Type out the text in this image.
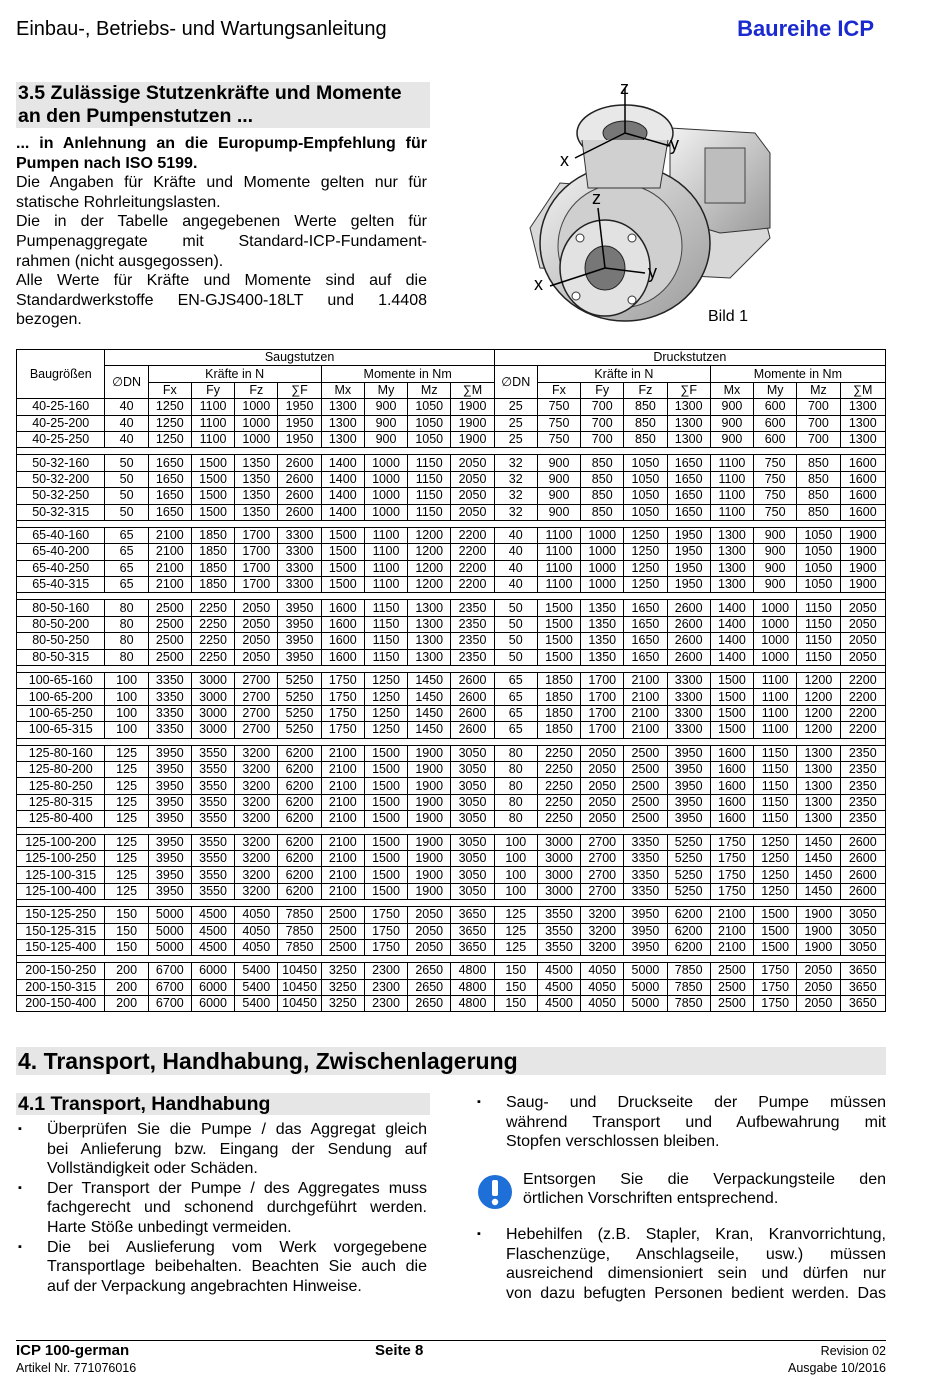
Einbau-, Betriebs- und Wartungsanleitung	Baureihe ICP
3.5 Zulässige Stutzenkräfte und Momente
an den Pumpenstutzen ...

... in Anlehnung an die Europump-Empfehlung für

Pumpen nach ISO 5199.

Die Angaben für Kräfte und Momente gelten nur für

statische Rohrleitungslasten.

Die in der Tabelle angegebenen Werte gelten für

Pumpenaggregate mit Standard-ICP-Fundament-

rahmen (nicht ausgegossen).

Alle Werte für Kräfte und Momente sind auf die

Standardwerkstoffe EN-GJS400-18LT und 1.4408

bezogen.

z
x
y
z
x
y
Bild 1
Baugrößen	Saugstutzen									Druckstutzen								
	∅DN	Kräfte in N				Momente in Nm				∅DN	Kräfte in N				Momente in Nm			
		Fx	Fy	Fz	∑F	Mx	My	Mz	∑M		Fx	Fy	Fz	∑F	Mx	My	Mz	∑M
40-25-160	40	1250	1100	1000	1950	1300	900	1050	1900	25	750	700	850	1300	900	600	700	1300
40-25-200	40	1250	1100	1000	1950	1300	900	1050	1900	25	750	700	850	1300	900	600	700	1300
40-25-250	40	1250	1100	1000	1950	1300	900	1050	1900	25	750	700	850	1300	900	600	700	1300

50-32-160	50	1650	1500	1350	2600	1400	1000	1150	2050	32	900	850	1050	1650	1100	750	850	1600
50-32-200	50	1650	1500	1350	2600	1400	1000	1150	2050	32	900	850	1050	1650	1100	750	850	1600
50-32-250	50	1650	1500	1350	2600	1400	1000	1150	2050	32	900	850	1050	1650	1100	750	850	1600
50-32-315	50	1650	1500	1350	2600	1400	1000	1150	2050	32	900	850	1050	1650	1100	750	850	1600

65-40-160	65	2100	1850	1700	3300	1500	1100	1200	2200	40	1100	1000	1250	1950	1300	900	1050	1900
65-40-200	65	2100	1850	1700	3300	1500	1100	1200	2200	40	1100	1000	1250	1950	1300	900	1050	1900
65-40-250	65	2100	1850	1700	3300	1500	1100	1200	2200	40	1100	1000	1250	1950	1300	900	1050	1900
65-40-315	65	2100	1850	1700	3300	1500	1100	1200	2200	40	1100	1000	1250	1950	1300	900	1050	1900

80-50-160	80	2500	2250	2050	3950	1600	1150	1300	2350	50	1500	1350	1650	2600	1400	1000	1150	2050
80-50-200	80	2500	2250	2050	3950	1600	1150	1300	2350	50	1500	1350	1650	2600	1400	1000	1150	2050
80-50-250	80	2500	2250	2050	3950	1600	1150	1300	2350	50	1500	1350	1650	2600	1400	1000	1150	2050
80-50-315	80	2500	2250	2050	3950	1600	1150	1300	2350	50	1500	1350	1650	2600	1400	1000	1150	2050

100-65-160	100	3350	3000	2700	5250	1750	1250	1450	2600	65	1850	1700	2100	3300	1500	1100	1200	2200
100-65-200	100	3350	3000	2700	5250	1750	1250	1450	2600	65	1850	1700	2100	3300	1500	1100	1200	2200
100-65-250	100	3350	3000	2700	5250	1750	1250	1450	2600	65	1850	1700	2100	3300	1500	1100	1200	2200
100-65-315	100	3350	3000	2700	5250	1750	1250	1450	2600	65	1850	1700	2100	3300	1500	1100	1200	2200

125-80-160	125	3950	3550	3200	6200	2100	1500	1900	3050	80	2250	2050	2500	3950	1600	1150	1300	2350
125-80-200	125	3950	3550	3200	6200	2100	1500	1900	3050	80	2250	2050	2500	3950	1600	1150	1300	2350
125-80-250	125	3950	3550	3200	6200	2100	1500	1900	3050	80	2250	2050	2500	3950	1600	1150	1300	2350
125-80-315	125	3950	3550	3200	6200	2100	1500	1900	3050	80	2250	2050	2500	3950	1600	1150	1300	2350
125-80-400	125	3950	3550	3200	6200	2100	1500	1900	3050	80	2250	2050	2500	3950	1600	1150	1300	2350

125-100-200	125	3950	3550	3200	6200	2100	1500	1900	3050	100	3000	2700	3350	5250	1750	1250	1450	2600
125-100-250	125	3950	3550	3200	6200	2100	1500	1900	3050	100	3000	2700	3350	5250	1750	1250	1450	2600
125-100-315	125	3950	3550	3200	6200	2100	1500	1900	3050	100	3000	2700	3350	5250	1750	1250	1450	2600
125-100-400	125	3950	3550	3200	6200	2100	1500	1900	3050	100	3000	2700	3350	5250	1750	1250	1450	2600

150-125-250	150	5000	4500	4050	7850	2500	1750	2050	3650	125	3550	3200	3950	6200	2100	1500	1900	3050
150-125-315	150	5000	4500	4050	7850	2500	1750	2050	3650	125	3550	3200	3950	6200	2100	1500	1900	3050
150-125-400	150	5000	4500	4050	7850	2500	1750	2050	3650	125	3550	3200	3950	6200	2100	1500	1900	3050

200-150-250	200	6700	6000	5400	10450	3250	2300	2650	4800	150	4500	4050	5000	7850	2500	1750	2050	3650
200-150-315	200	6700	6000	5400	10450	3250	2300	2650	4800	150	4500	4050	5000	7850	2500	1750	2050	3650
200-150-400	200	6700	6000	5400	10450	3250	2300	2650	4800	150	4500	4050	5000	7850	2500	1750	2050	3650
4. Transport, Handhabung, Zwischenlagerung
4.1 Transport, Handhabung
▪ Überprüfen Sie die Pumpe / das Aggregat gleich
bei Anlieferung bzw. Eingang der Sendung auf
Vollständigkeit oder Schäden.
▪ Der Transport der Pumpe / des Aggregates muss
fachgerecht und schonend durchgeführt werden.
Harte Stöße unbedingt vermeiden.
▪ Die bei Auslieferung vom Werk vorgegebene
Transportlage beibehalten. Beachten Sie auch die
auf der Verpackung angebrachten Hinweise.
▪ Saug- und Druckseite der Pumpe müssen
während Transport und Aufbewahrung mit
Stopfen verschlossen bleiben.
Entsorgen Sie die Verpackungsteile den
örtlichen Vorschriften entsprechend.
▪ Hebehilfen (z.B. Stapler, Kran, Kranvorrichtung,
Flaschenzüge, Anschlagseile, usw.) müssen
ausreichend dimensioniert sein und dürfen nur
von dazu befugten Personen bedient werden. Das
ICP 100-german
Artikel Nr. 771076016
Seite 8	Revision 02
Ausgabe 10/2016
